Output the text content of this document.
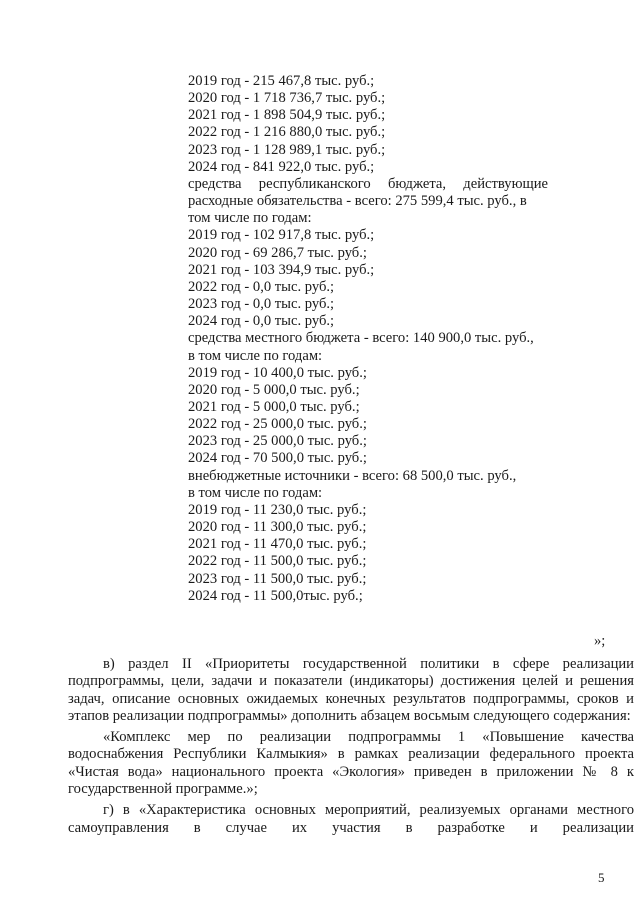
2019 год - 215 467,8 тыс. руб.;

2020 год - 1 718 736,7 тыс. руб.;

2021 год - 1 898 504,9 тыс. руб.;

2022 год - 1 216 880,0 тыс. руб.;

2023 год - 1 128 989,1 тыс. руб.;

2024 год - 841 922,0 тыс. руб.;

средства республиканского бюджета, действующие

расходные обязательства - всего: 275 599,4 тыс. руб., в

том числе по годам:

2019 год - 102 917,8 тыс. руб.;

2020 год - 69 286,7 тыс. руб.;

2021 год - 103 394,9 тыс. руб.;

2022 год - 0,0 тыс. руб.;

2023 год - 0,0 тыс. руб.;

2024 год - 0,0 тыс. руб.;

средства местного бюджета - всего: 140 900,0 тыс. руб.,

в том числе по годам:

2019 год - 10 400,0 тыс. руб.;

2020 год - 5 000,0 тыс. руб.;

2021 год - 5 000,0 тыс. руб.;

2022 год - 25 000,0 тыс. руб.;

2023 год - 25 000,0 тыс. руб.;

2024 год - 70 500,0 тыс. руб.;

внебюджетные источники - всего: 68 500,0 тыс. руб.,

в том числе по годам:

2019 год - 11 230,0 тыс. руб.;

2020 год - 11 300,0 тыс. руб.;

2021 год - 11 470,0 тыс. руб.;

2022 год - 11 500,0 тыс. руб.;

2023 год - 11 500,0 тыс. руб.;

2024 год - 11 500,0тыс. руб.;

»;

в) раздел II «Приоритеты государственной политики в сфере реализации подпрограммы, цели, задачи и показатели (индикаторы) достижения целей и решения задач, описание основных ожидаемых конечных результатов подпрограммы, сроков и этапов реализации подпрограммы» дополнить абзацем восьмым следующего содержания:

«Комплекс мер по реализации подпрограммы 1 «Повышение качества водоснабжения Республики Калмыкия» в рамках реализации федерального проекта «Чистая вода» национального проекта «Экология» приведен в приложении № 8 к государственной программе.»;

г) в «Характеристика основных мероприятий, реализуемых органами местного самоуправления в случае их участия в разработке и реализации

5
